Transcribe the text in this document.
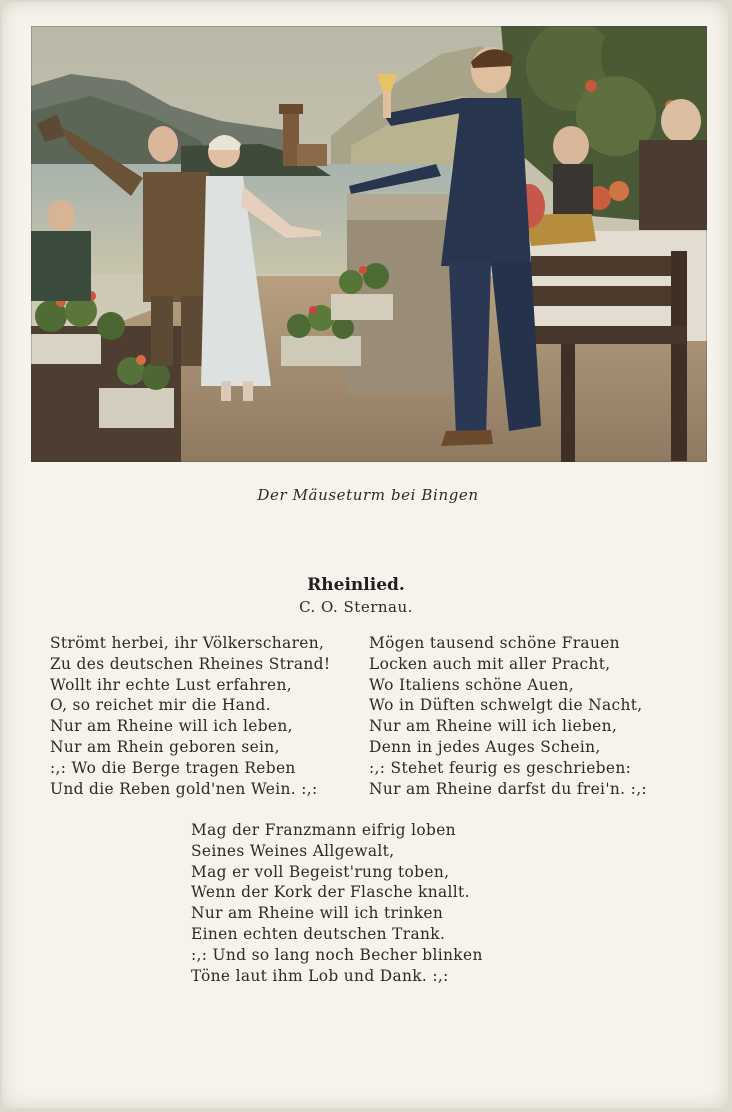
Der Mäuseturm bei Bingen
Rheinlied.
C. O. Sternau.
Strömt herbei, ihr Völkerscharen,
Zu des deutschen Rheines Strand!
Wollt ihr echte Lust erfahren,
O, so reichet mir die Hand.
Nur am Rheine will ich leben,
Nur am Rhein geboren sein,
:,: Wo die Berge tragen Reben
Und die Reben gold'nen Wein. :,:
Mögen tausend schöne Frauen
Locken auch mit aller Pracht,
Wo Italiens schöne Auen,
Wo in Düften schwelgt die Nacht,
Nur am Rheine will ich lieben,
Denn in jedes Auges Schein,
:,: Stehet feurig es geschrieben:
Nur am Rheine darfst du frei'n. :,:
Mag der Franzmann eifrig loben
Seines Weines Allgewalt,
Mag er voll Begeist'rung toben,
Wenn der Kork der Flasche knallt.
Nur am Rheine will ich trinken
Einen echten deutschen Trank.
:,: Und so lang noch Becher blinken
Töne laut ihm Lob und Dank. :,:
